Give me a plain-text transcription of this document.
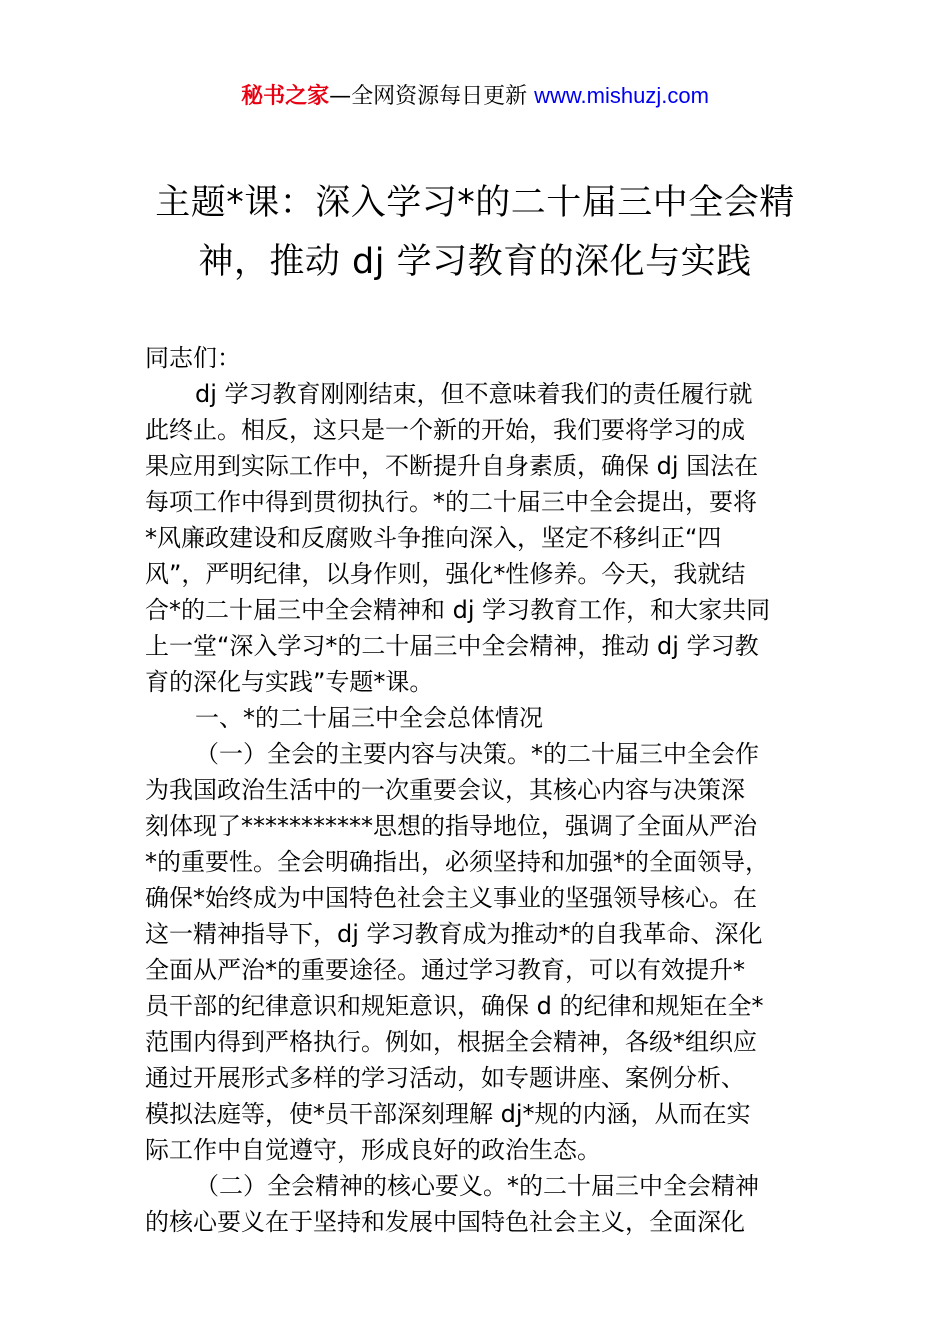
秘书之家—全网资源每日更新 www.mishuzj.com
主题*课：深入学习*的二十届三中全会精
神，推动 dj 学习教育的深化与实践
同志们：
dj 学习教育刚刚结束，但不意味着我们的责任履行就
此终止。相反，这只是一个新的开始，我们要将学习的成
果应用到实际工作中，不断提升自身素质，确保 dj 国法在
每项工作中得到贯彻执行。*的二十届三中全会提出，要将
*风廉政建设和反腐败斗争推向深入，坚定不移纠正“四
风”，严明纪律，以身作则，强化*性修养。今天，我就结
合*的二十届三中全会精神和 dj 学习教育工作，和大家共同
上一堂“深入学习*的二十届三中全会精神，推动 dj 学习教
育的深化与实践”专题*课。
一、*的二十届三中全会总体情况
（一）全会的主要内容与决策。*的二十届三中全会作
为我国政治生活中的一次重要会议，其核心内容与决策深
刻体现了***********思想的指导地位，强调了全面从严治
*的重要性。全会明确指出，必须坚持和加强*的全面领导，
确保*始终成为中国特色社会主义事业的坚强领导核心。在
这一精神指导下，dj 学习教育成为推动*的自我革命、深化
全面从严治*的重要途径。通过学习教育，可以有效提升*
员干部的纪律意识和规矩意识，确保 d 的纪律和规矩在全*
范围内得到严格执行。例如，根据全会精神，各级*组织应
通过开展形式多样的学习活动，如专题讲座、案例分析、
模拟法庭等，使*员干部深刻理解 dj*规的内涵，从而在实
际工作中自觉遵守，形成良好的政治生态。
（二）全会精神的核心要义。*的二十届三中全会精神
的核心要义在于坚持和发展中国特色社会主义，全面深化
